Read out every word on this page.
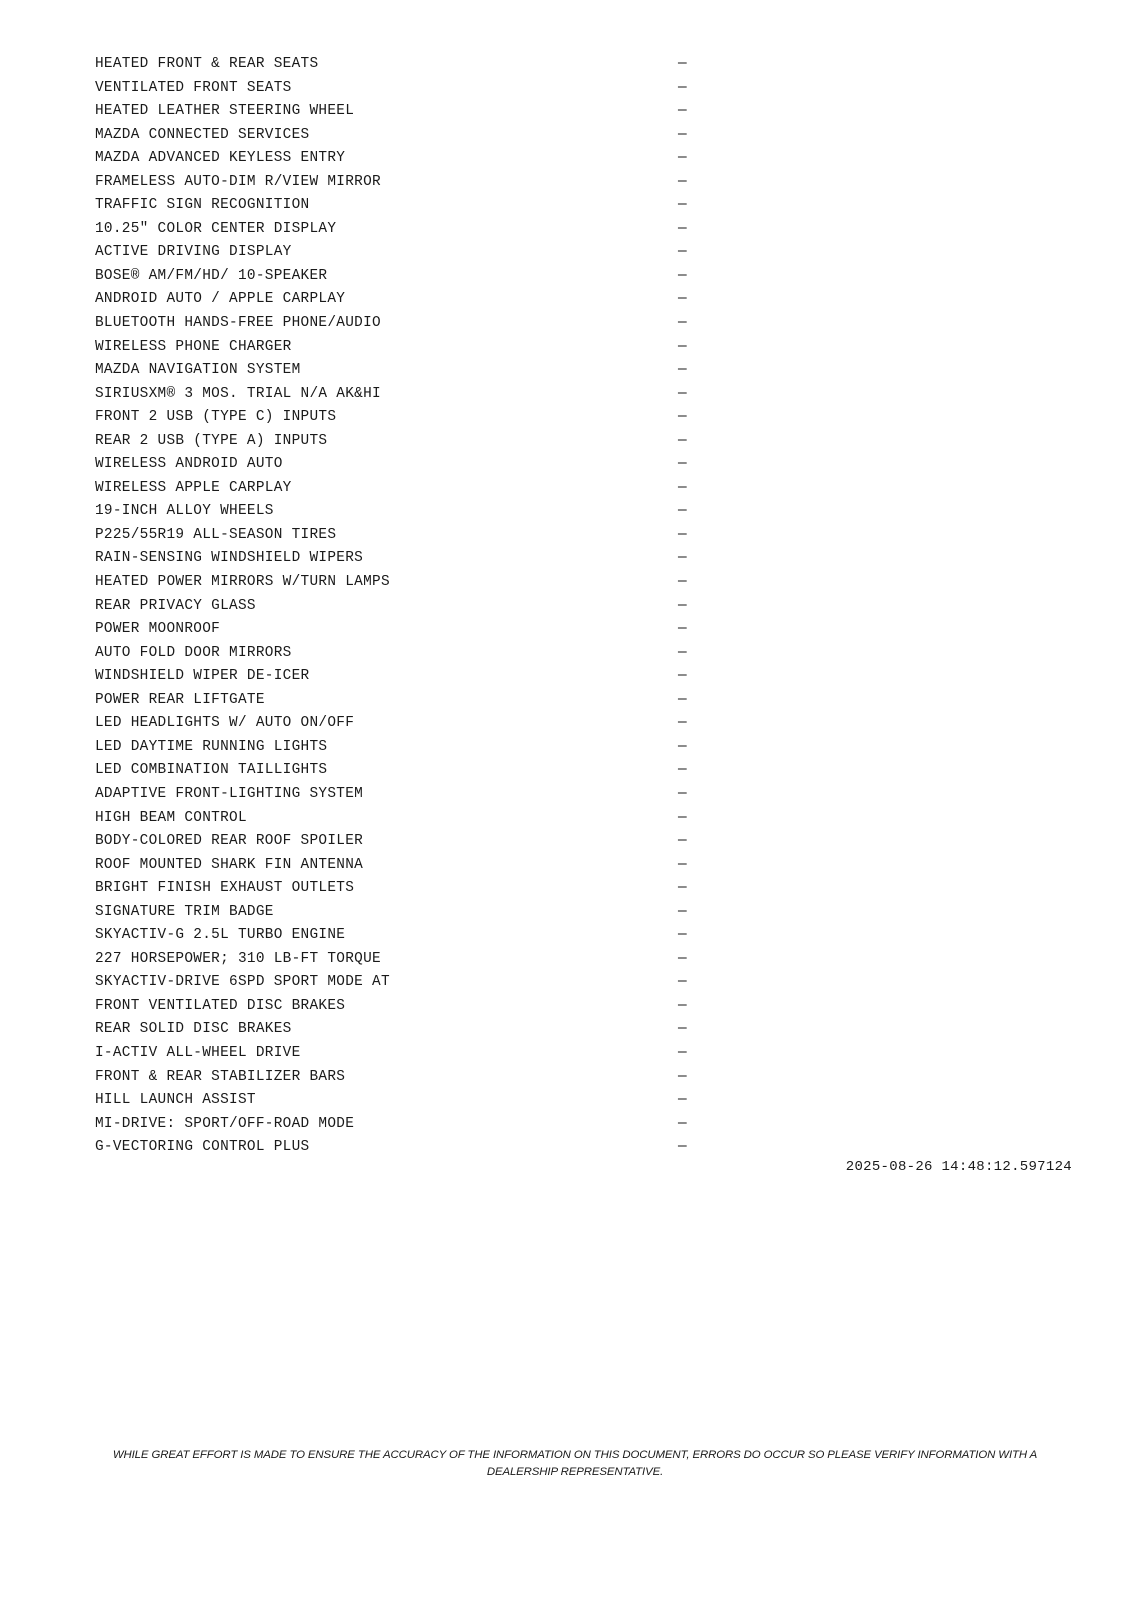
HEATED FRONT & REAR SEATS	—
VENTILATED FRONT SEATS	—
HEATED LEATHER STEERING WHEEL	—
MAZDA CONNECTED SERVICES	—
MAZDA ADVANCED KEYLESS ENTRY	—
FRAMELESS AUTO-DIM R/VIEW MIRROR	—
TRAFFIC SIGN RECOGNITION	—
10.25" COLOR CENTER DISPLAY	—
ACTIVE DRIVING DISPLAY	—
BOSE® AM/FM/HD/ 10-SPEAKER	—
ANDROID AUTO / APPLE CARPLAY	—
BLUETOOTH HANDS-FREE PHONE/AUDIO	—
WIRELESS PHONE CHARGER	—
MAZDA NAVIGATION SYSTEM	—
SIRIUSXM® 3 MOS. TRIAL N/A AK&HI	—
FRONT 2 USB (TYPE C) INPUTS	—
REAR 2 USB (TYPE A) INPUTS	—
WIRELESS ANDROID AUTO	—
WIRELESS APPLE CARPLAY	—
19-INCH ALLOY WHEELS	—
P225/55R19 ALL-SEASON TIRES	—
RAIN-SENSING WINDSHIELD WIPERS	—
HEATED POWER MIRRORS W/TURN LAMPS	—
REAR PRIVACY GLASS	—
POWER MOONROOF	—
AUTO FOLD DOOR MIRRORS	—
WINDSHIELD WIPER DE-ICER	—
POWER REAR LIFTGATE	—
LED HEADLIGHTS W/ AUTO ON/OFF	—
LED DAYTIME RUNNING LIGHTS	—
LED COMBINATION TAILLIGHTS	—
ADAPTIVE FRONT-LIGHTING SYSTEM	—
HIGH BEAM CONTROL	—
BODY-COLORED REAR ROOF SPOILER	—
ROOF MOUNTED SHARK FIN ANTENNA	—
BRIGHT FINISH EXHAUST OUTLETS	—
SIGNATURE TRIM BADGE	—
SKYACTIV-G 2.5L TURBO ENGINE	—
227 HORSEPOWER; 310 LB-FT TORQUE	—
SKYACTIV-DRIVE 6SPD SPORT MODE AT	—
FRONT VENTILATED DISC BRAKES	—
REAR SOLID DISC BRAKES	—
I-ACTIV ALL-WHEEL DRIVE	—
FRONT & REAR STABILIZER BARS	—
HILL LAUNCH ASSIST	—
MI-DRIVE: SPORT/OFF-ROAD MODE	—
G-VECTORING CONTROL PLUS	—
2025-08-26 14:48:12.597124
WHILE GREAT EFFORT IS MADE TO ENSURE THE ACCURACY OF THE INFORMATION ON THIS DOCUMENT, ERRORS DO OCCUR SO PLEASE VERIFY INFORMATION WITH A DEALERSHIP REPRESENTATIVE.
